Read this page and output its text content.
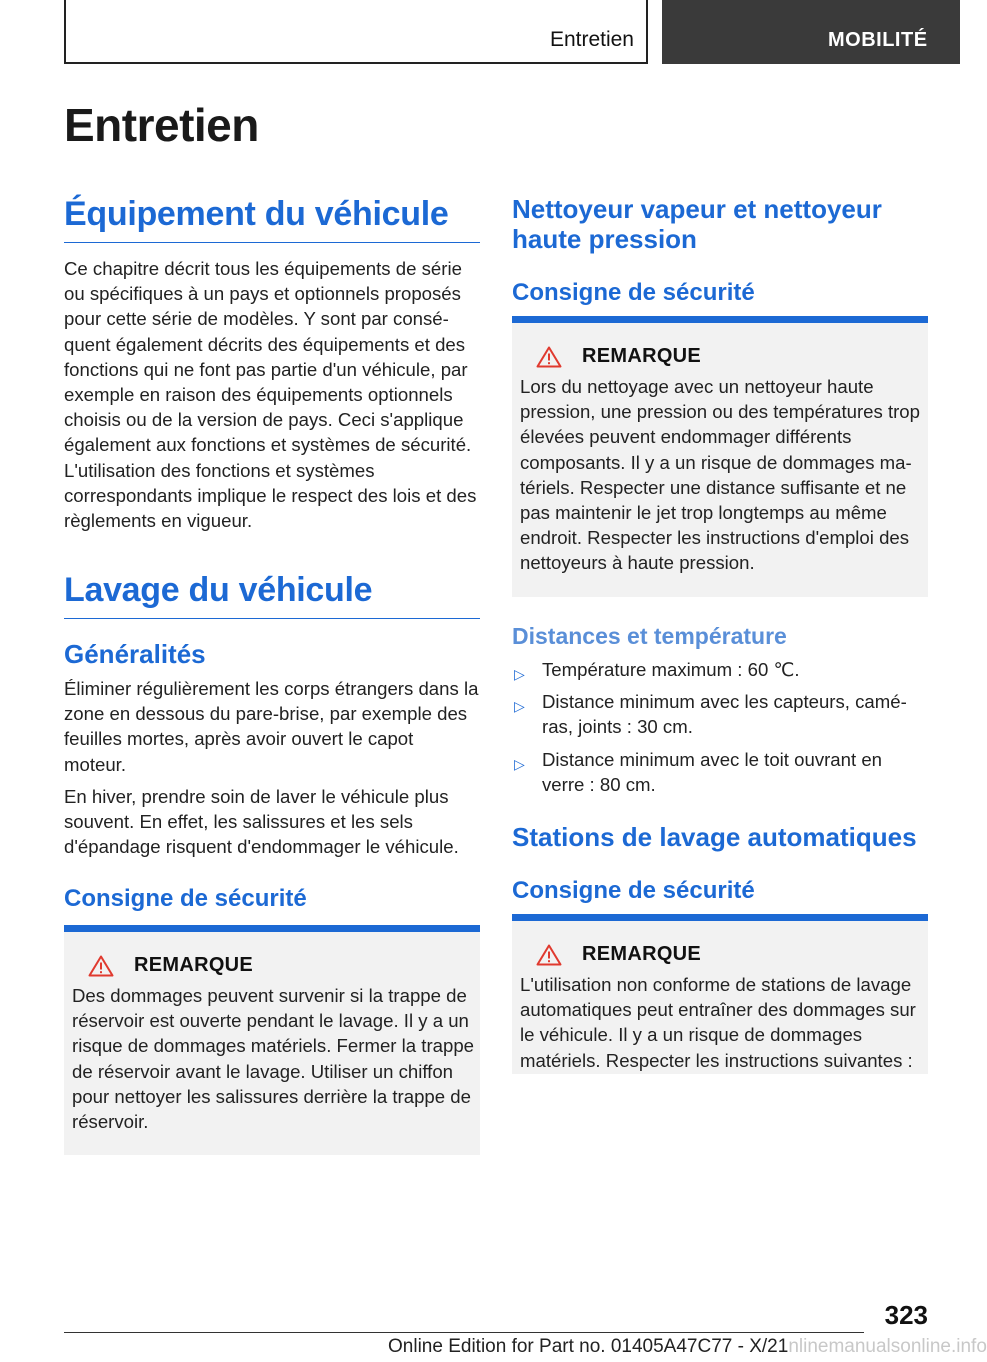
Entretien	MOBILITÉ
Entretien
Équipement du véhicule

Ce chapitre décrit tous les équipements de série ou spécifiques à un pays et optionnels proposés pour cette série de modèles. Y sont par conséquent également décrits des équipements et des fonctions qui ne font pas partie d'un véhicule, par exemple en raison des équipements optionnels choisis ou de la version de pays. Ceci s'applique également aux fonctions et systèmes de sécurité. L'utilisation des fonctions et systèmes correspondants implique le respect des lois et des règlements en vigueur.

Lavage du véhicule
Généralités

Éliminer régulièrement les corps étrangers dans la zone en dessous du pare-brise, par exemple des feuilles mortes, après avoir ouvert le capot moteur.

En hiver, prendre soin de laver le véhicule plus souvent. En effet, les salissures et les sels d'épandage risquent d'endommager le véhicule.

Consigne de sécurité
REMARQUE

Des dommages peuvent survenir si la trappe de réservoir est ouverte pendant le lavage. Il y a un risque de dommages matériels. Fermer la trappe de réservoir avant le lavage. Utiliser un chiffon pour nettoyer les salissures derrière la trappe de réservoir.

Nettoyeur vapeur et nettoyeur haute pression
Consigne de sécurité
REMARQUE

Lors du nettoyage avec un nettoyeur haute pression, une pression ou des températures trop élevées peuvent endommager différents composants. Il y a un risque de dommages matériels. Respecter une distance suffisante et ne pas maintenir le jet trop longtemps au même endroit. Respecter les instructions d'emploi des nettoyeurs à haute pression.

Distances et température
▷ Température maximum : 60 ℃.
▷ Distance minimum avec les capteurs, caméras, joints : 30 cm.
▷ Distance minimum avec le toit ouvrant en verre : 80 cm.
Stations de lavage automatiques
Consigne de sécurité
REMARQUE

L'utilisation non conforme de stations de lavage automatiques peut entraîner des dommages sur le véhicule. Il y a un risque de dommages matériels. Respecter les instructions suivantes :

323
Online Edition for Part no. 01405A47C77 - X/21nlinemanualsonline.info
